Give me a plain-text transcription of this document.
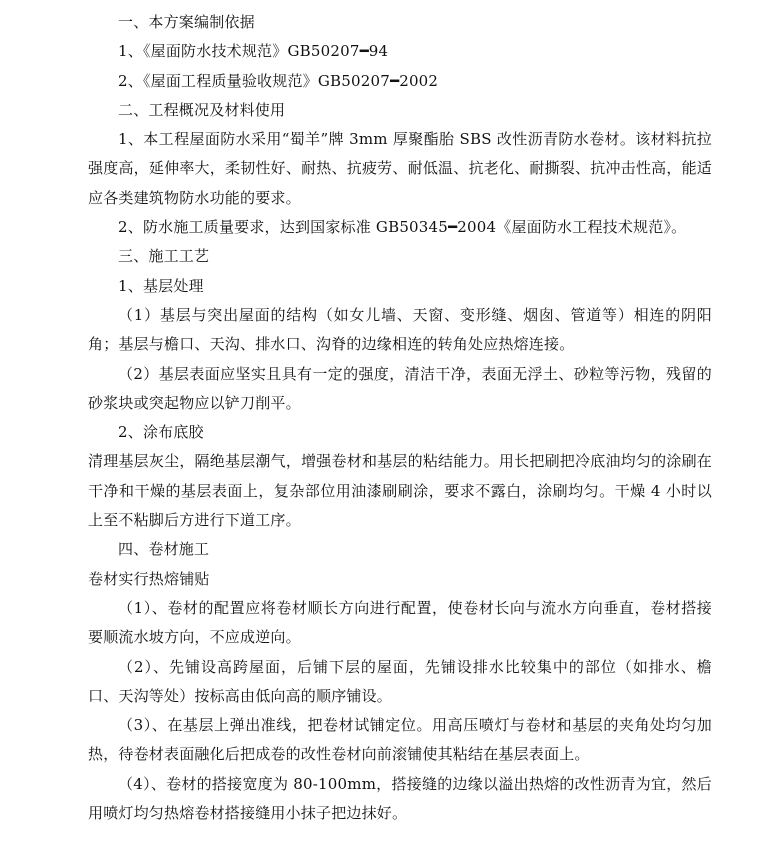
一、本方案编制依据

1、《屋面防水技术规范》GB50207━94

2、《屋面工程质量验收规范》GB50207━2002

二、工程概况及材料使用

1、本工程屋面防水采用“蜀羊”牌 3mm 厚聚酯胎 SBS 改性沥青防水卷材。该材料抗拉强度高，延伸率大，柔韧性好、耐热、抗疲劳、耐低温、抗老化、耐撕裂、抗冲击性高，能适应各类建筑物防水功能的要求。

2、防水施工质量要求，达到国家标准 GB50345━2004《屋面防水工程技术规范》。

三、施工工艺

1、基层处理

（1）基层与突出屋面的结构（如女儿墙、天窗、变形缝、烟囱、管道等）相连的阴阳角；基层与檐口、天沟、排水口、沟脊的边缘相连的转角处应热熔连接。

（2）基层表面应坚实且具有一定的强度，清洁干净，表面无浮土、砂粒等污物，残留的砂浆块或突起物应以铲刀削平。

2、涂布底胶

清理基层灰尘，隔绝基层潮气，增强卷材和基层的粘结能力。用长把刷把冷底油均匀的涂刷在干净和干燥的基层表面上，复杂部位用油漆刷刷涂，要求不露白，涂刷均匀。干燥 4 小时以上至不粘脚后方进行下道工序。

四、卷材施工

卷材实行热熔铺贴

（1）、卷材的配置应将卷材顺长方向进行配置，使卷材长向与流水方向垂直，卷材搭接要顺流水坡方向，不应成逆向。

（2）、先铺设高跨屋面，后铺下层的屋面，先铺设排水比较集中的部位（如排水、檐口、天沟等处）按标高由低向高的顺序铺设。

（3）、在基层上弹出准线，把卷材试铺定位。用高压喷灯与卷材和基层的夹角处均匀加热，待卷材表面融化后把成卷的改性卷材向前滚铺使其粘结在基层表面上。

（4）、卷材的搭接宽度为 80-100mm，搭接缝的边缘以溢出热熔的改性沥青为宜，然后用喷灯均匀热熔卷材搭接缝用小抹子把边抹好。
